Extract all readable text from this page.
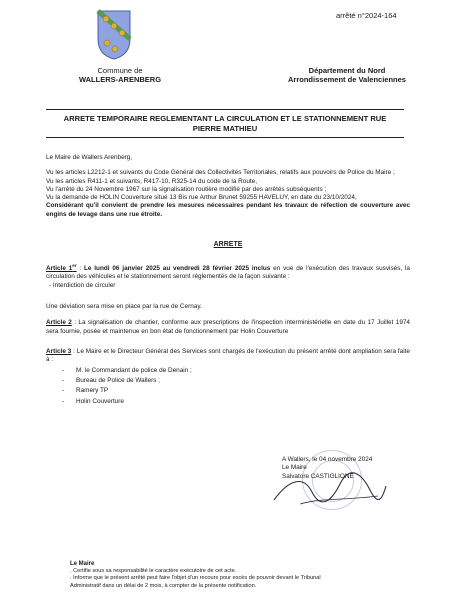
arrêté n°2024-164
Commune de
WALLERS-ARENBERG
Département du Nord
Arrondissement de Valenciennes
ARRETE TEMPORAIRE REGLEMENTANT LA CIRCULATION ET LE STATIONNEMENT RUE
PIERRE MATHIEU

Le Maire de Wallers Arenberg,

Vu les articles L2212-1 et suivants du Code Général des Collectivités Territoriales, relatifs aux pouvoirs de Police du Maire ;

Vu les articles R411-1 et suivants, R417-10, R325-14 du code de la Route,

Vu l'arrêté du 24 Novembre 1967 sur la signalisation routière modifié par des arrêtés subséquents ;

Vu la demande de HOLIN Couverture situé 13 Bis rue Arthur Brunet 59255 HAVELUY, en date du 23/10/2024,

Considérant qu'il convient de prendre les mesures nécessaires pendant les travaux de réfection de couverture avec engins de levage dans une rue étroite.

ARRETE

Article 1er : Le lundi 06 janvier 2025 au vendredi 28 février 2025 inclus en vue de l'exécution des travaux susvisés, la circulation des véhicules et le stationnement seront réglementés de la façon suivante :

- Interdiction de circuler

Une déviation sera mise en place par la rue de Cernay.

Article 2 : La signalisation de chantier, conforme aux prescriptions de l'inspection interministérielle en date du 17 Juillet 1974 sera fournie, posée et maintenue en bon état de fonctionnement par Holin Couverture

Article 3 : Le Maire et le Directeur Général des Services sont chargés de l'exécution du présent arrêté dont ampliation sera faite à :

- M. le Commandant de police de Denain ;
- Bureau de Police de Wallers ;
- Ramery TP
- Holin Couverture
A Wallers, le 04 novembre 2024
Le Maire
Salvatore CASTIGLIONE
Le Maire
. Certifie sous sa responsabilité le caractère exécutoire de cet acte.
. Informe que le présent arrêté peut faire l'objet d'un recours pour excès de pouvoir devant le Tribunal
Administratif dans un délai de 2 mois, à compter de la présente notification.
